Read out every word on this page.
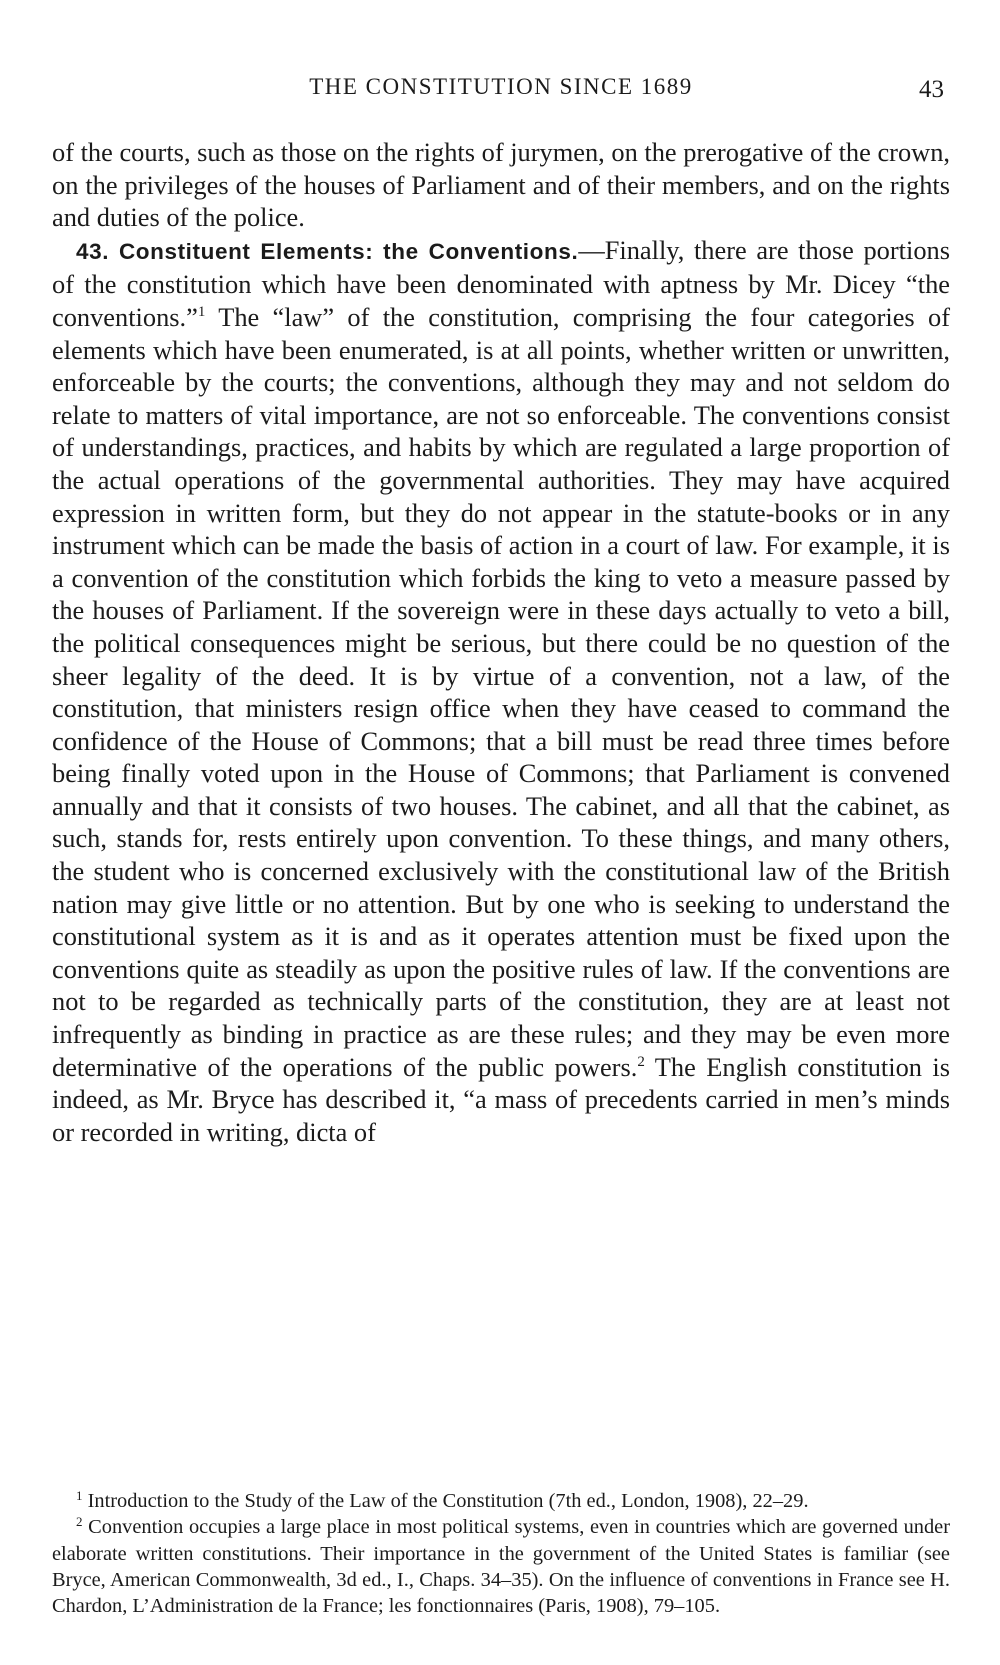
THE CONSTITUTION SINCE 1689	43

of the courts, such as those on the rights of jurymen, on the prerogative of the crown, on the privileges of the houses of Parliament and of their members, and on the rights and duties of the police.

43. Constituent Elements: the Conventions.—Finally, there are those portions of the constitution which have been denominated with aptness by Mr. Dicey “the conventions.”$^1$ The “law” of the constitution, comprising the four categories of elements which have been enumerated, is at all points, whether written or unwritten, enforceable by the courts; the conventions, although they may and not seldom do relate to matters of vital importance, are not so enforceable. The conventions consist of understandings, practices, and habits by which are regulated a large proportion of the actual operations of the governmental authorities. They may have acquired expression in written form, but they do not appear in the statute-books or in any instrument which can be made the basis of action in a court of law. For example, it is a convention of the constitution which forbids the king to veto a measure passed by the houses of Parliament. If the sovereign were in these days actually to veto a bill, the political consequences might be serious, but there could be no question of the sheer legality of the deed. It is by virtue of a convention, not a law, of the constitution, that ministers resign office when they have ceased to command the confidence of the House of Commons; that a bill must be read three times before being finally voted upon in the House of Commons; that Parliament is convened annually and that it consists of two houses. The cabinet, and all that the cabinet, as such, stands for, rests entirely upon convention. To these things, and many others, the student who is concerned exclusively with the constitutional law of the British nation may give little or no attention. But by one who is seeking to understand the constitutional system as it is and as it operates attention must be fixed upon the conventions quite as steadily as upon the positive rules of law. If the conventions are not to be regarded as technically parts of the constitution, they are at least not infrequently as binding in practice as are these rules; and they may be even more determinative of the operations of the public powers.$^2$ The English constitution is indeed, as Mr. Bryce has described it, “a mass of precedents carried in men’s minds or recorded in writing, dicta of

$^1$ Introduction to the Study of the Law of the Constitution (7th ed., London, 1908), 22–29.

$^2$ Convention occupies a large place in most political systems, even in countries which are governed under elaborate written constitutions. Their importance in the government of the United States is familiar (see Bryce, American Commonwealth, 3d ed., I., Chaps. 34–35). On the influence of conventions in France see H. Chardon, L’Administration de la France; les fonctionnaires (Paris, 1908), 79–105.
